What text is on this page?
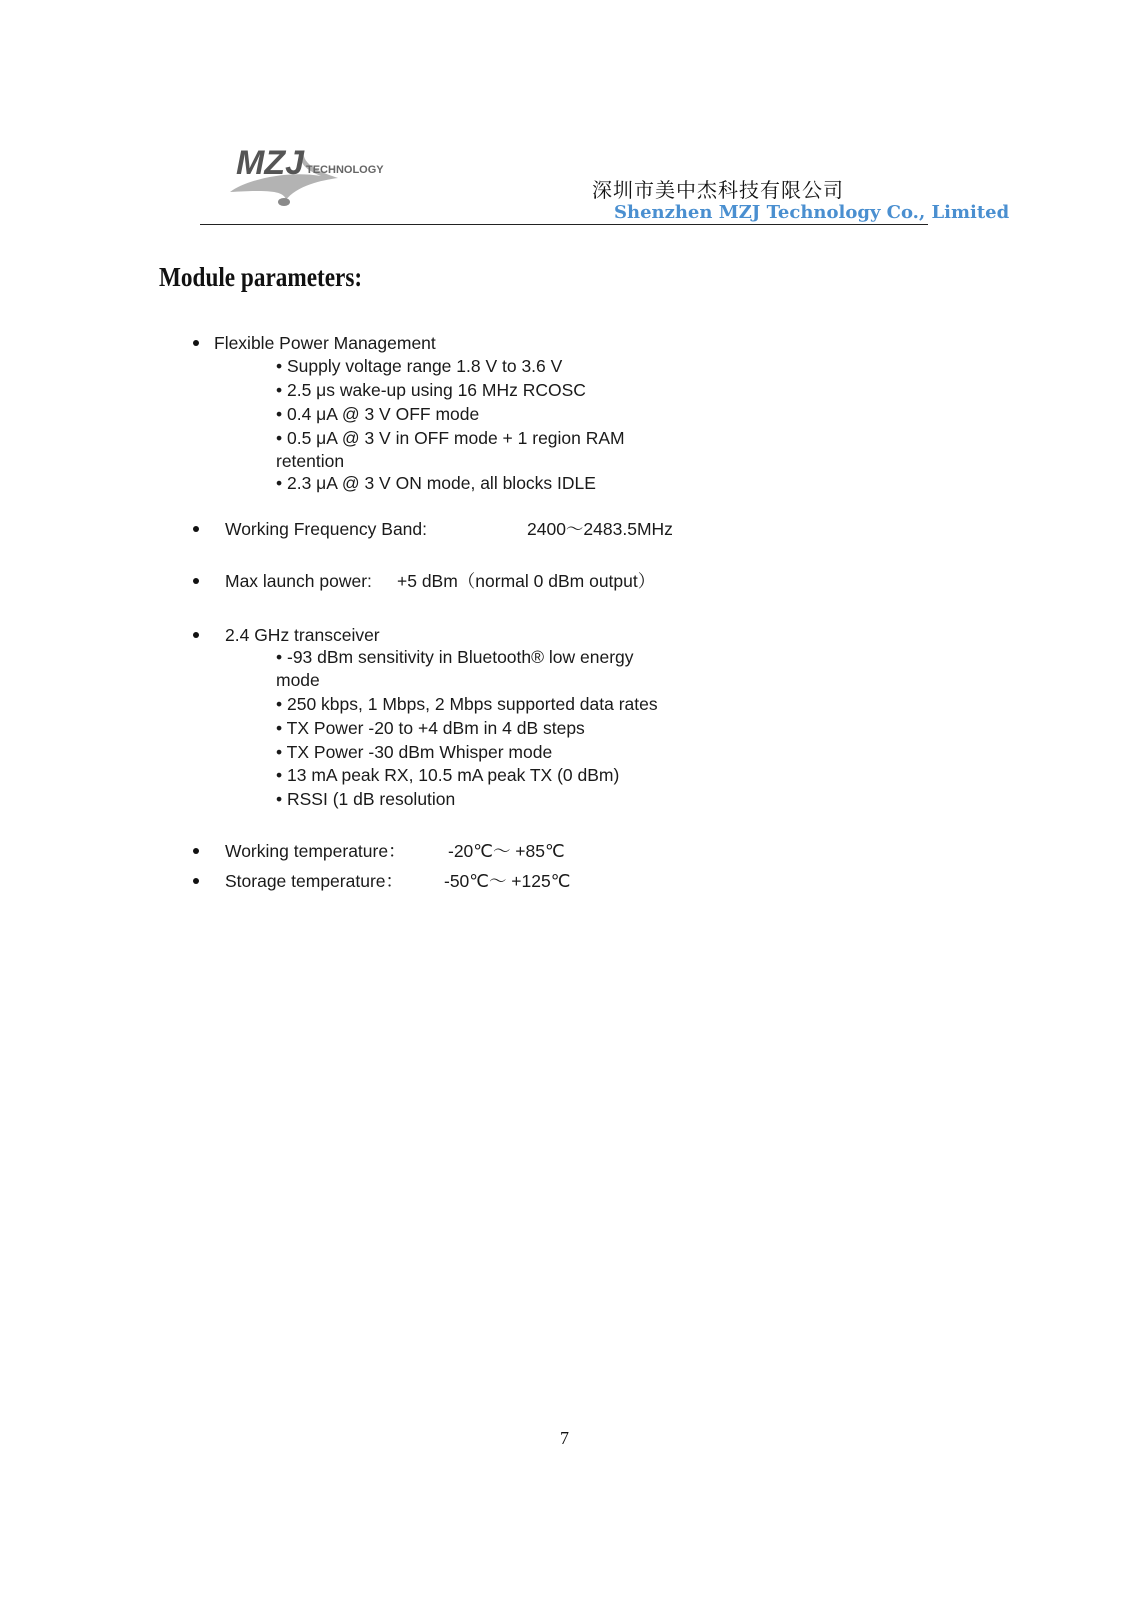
MZJ TECHNOLOGY
深圳市美中杰科技有限公司
Shenzhen MZJ Technology Co., Limited
Module parameters:
Flexible Power Management
• Supply voltage range 1.8 V to 3.6 V
• 2.5 μs wake-up using 16 MHz RCOSC
• 0.4 μA @ 3 V OFF mode
• 0.5 μA @ 3 V in OFF mode + 1 region RAM
retention
• 2.3 μA @ 3 V ON mode, all blocks IDLE
Working Frequency Band:	2400～2483.5MHz
Max launch power: +5 dBm（normal 0 dBm output）
2.4 GHz transceiver
• -93 dBm sensitivity in Bluetooth® low energy
mode
• 250 kbps, 1 Mbps, 2 Mbps supported data rates
• TX Power -20 to +4 dBm in 4 dB steps
• TX Power -30 dBm Whisper mode
• 13 mA peak RX, 10.5 mA peak TX (0 dBm)
• RSSI (1 dB resolution
Working temperature： -20℃～ +85℃
Storage temperature： -50℃～ +125℃
7
